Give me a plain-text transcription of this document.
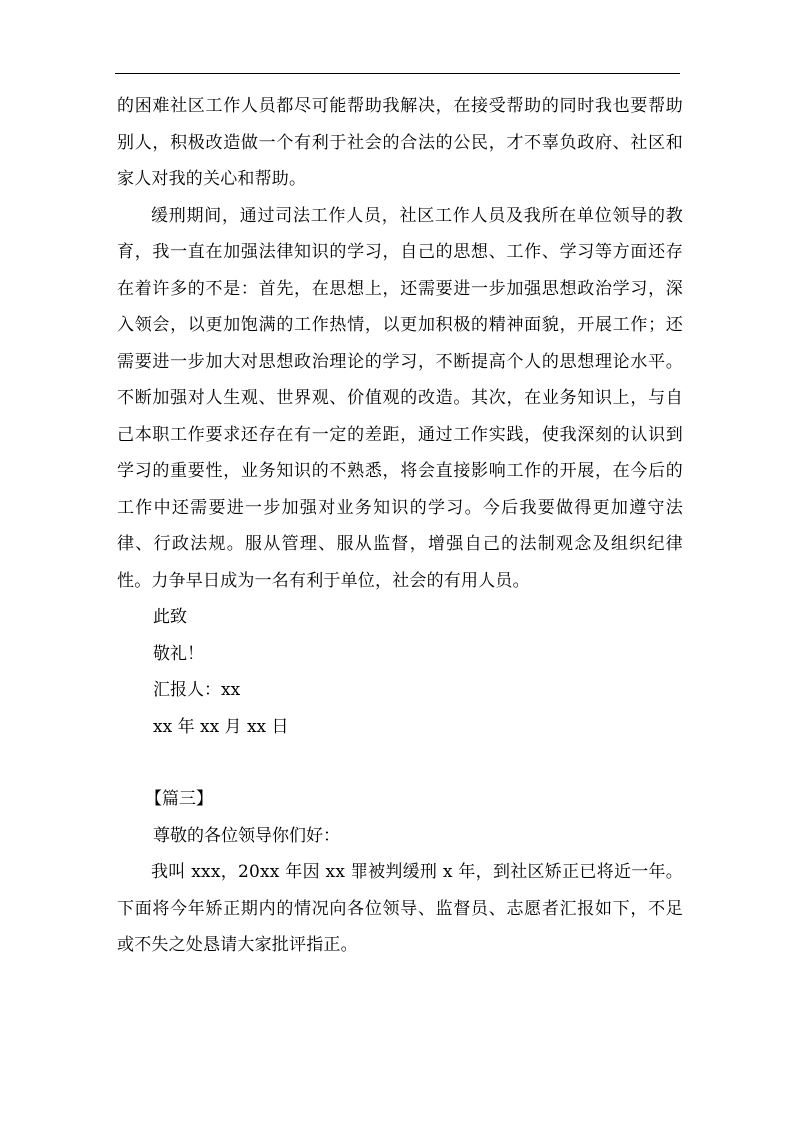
的困难社区工作人员都尽可能帮助我解决，在接受帮助的同时我也要帮助别人，积极改造做一个有利于社会的合法的公民，才不辜负政府、社区和家人对我的关心和帮助。

缓刑期间，通过司法工作人员，社区工作人员及我所在单位领导的教育，我一直在加强法律知识的学习，自己的思想、工作、学习等方面还存在着许多的不是：首先，在思想上，还需要进一步加强思想政治学习，深入领会，以更加饱满的工作热情，以更加积极的精神面貌，开展工作；还需要进一步加大对思想政治理论的学习，不断提高个人的思想理论水平。不断加强对人生观、世界观、价值观的改造。其次，在业务知识上，与自己本职工作要求还存在有一定的差距，通过工作实践，使我深刻的认识到学习的重要性，业务知识的不熟悉，将会直接影响工作的开展，在今后的工作中还需要进一步加强对业务知识的学习。今后我要做得更加遵守法律、行政法规。服从管理、服从监督，增强自己的法制观念及组织纪律性。力争早日成为一名有利于单位，社会的有用人员。

此致

敬礼！

汇报人：xx

xx 年 xx 月 xx 日

【篇三】

尊敬的各位领导你们好：

我叫 xxx，20xx 年因 xx 罪被判缓刑 x 年，到社区矫正已将近一年。下面将今年矫正期内的情况向各位领导、监督员、志愿者汇报如下，不足或不失之处恳请大家批评指正。
